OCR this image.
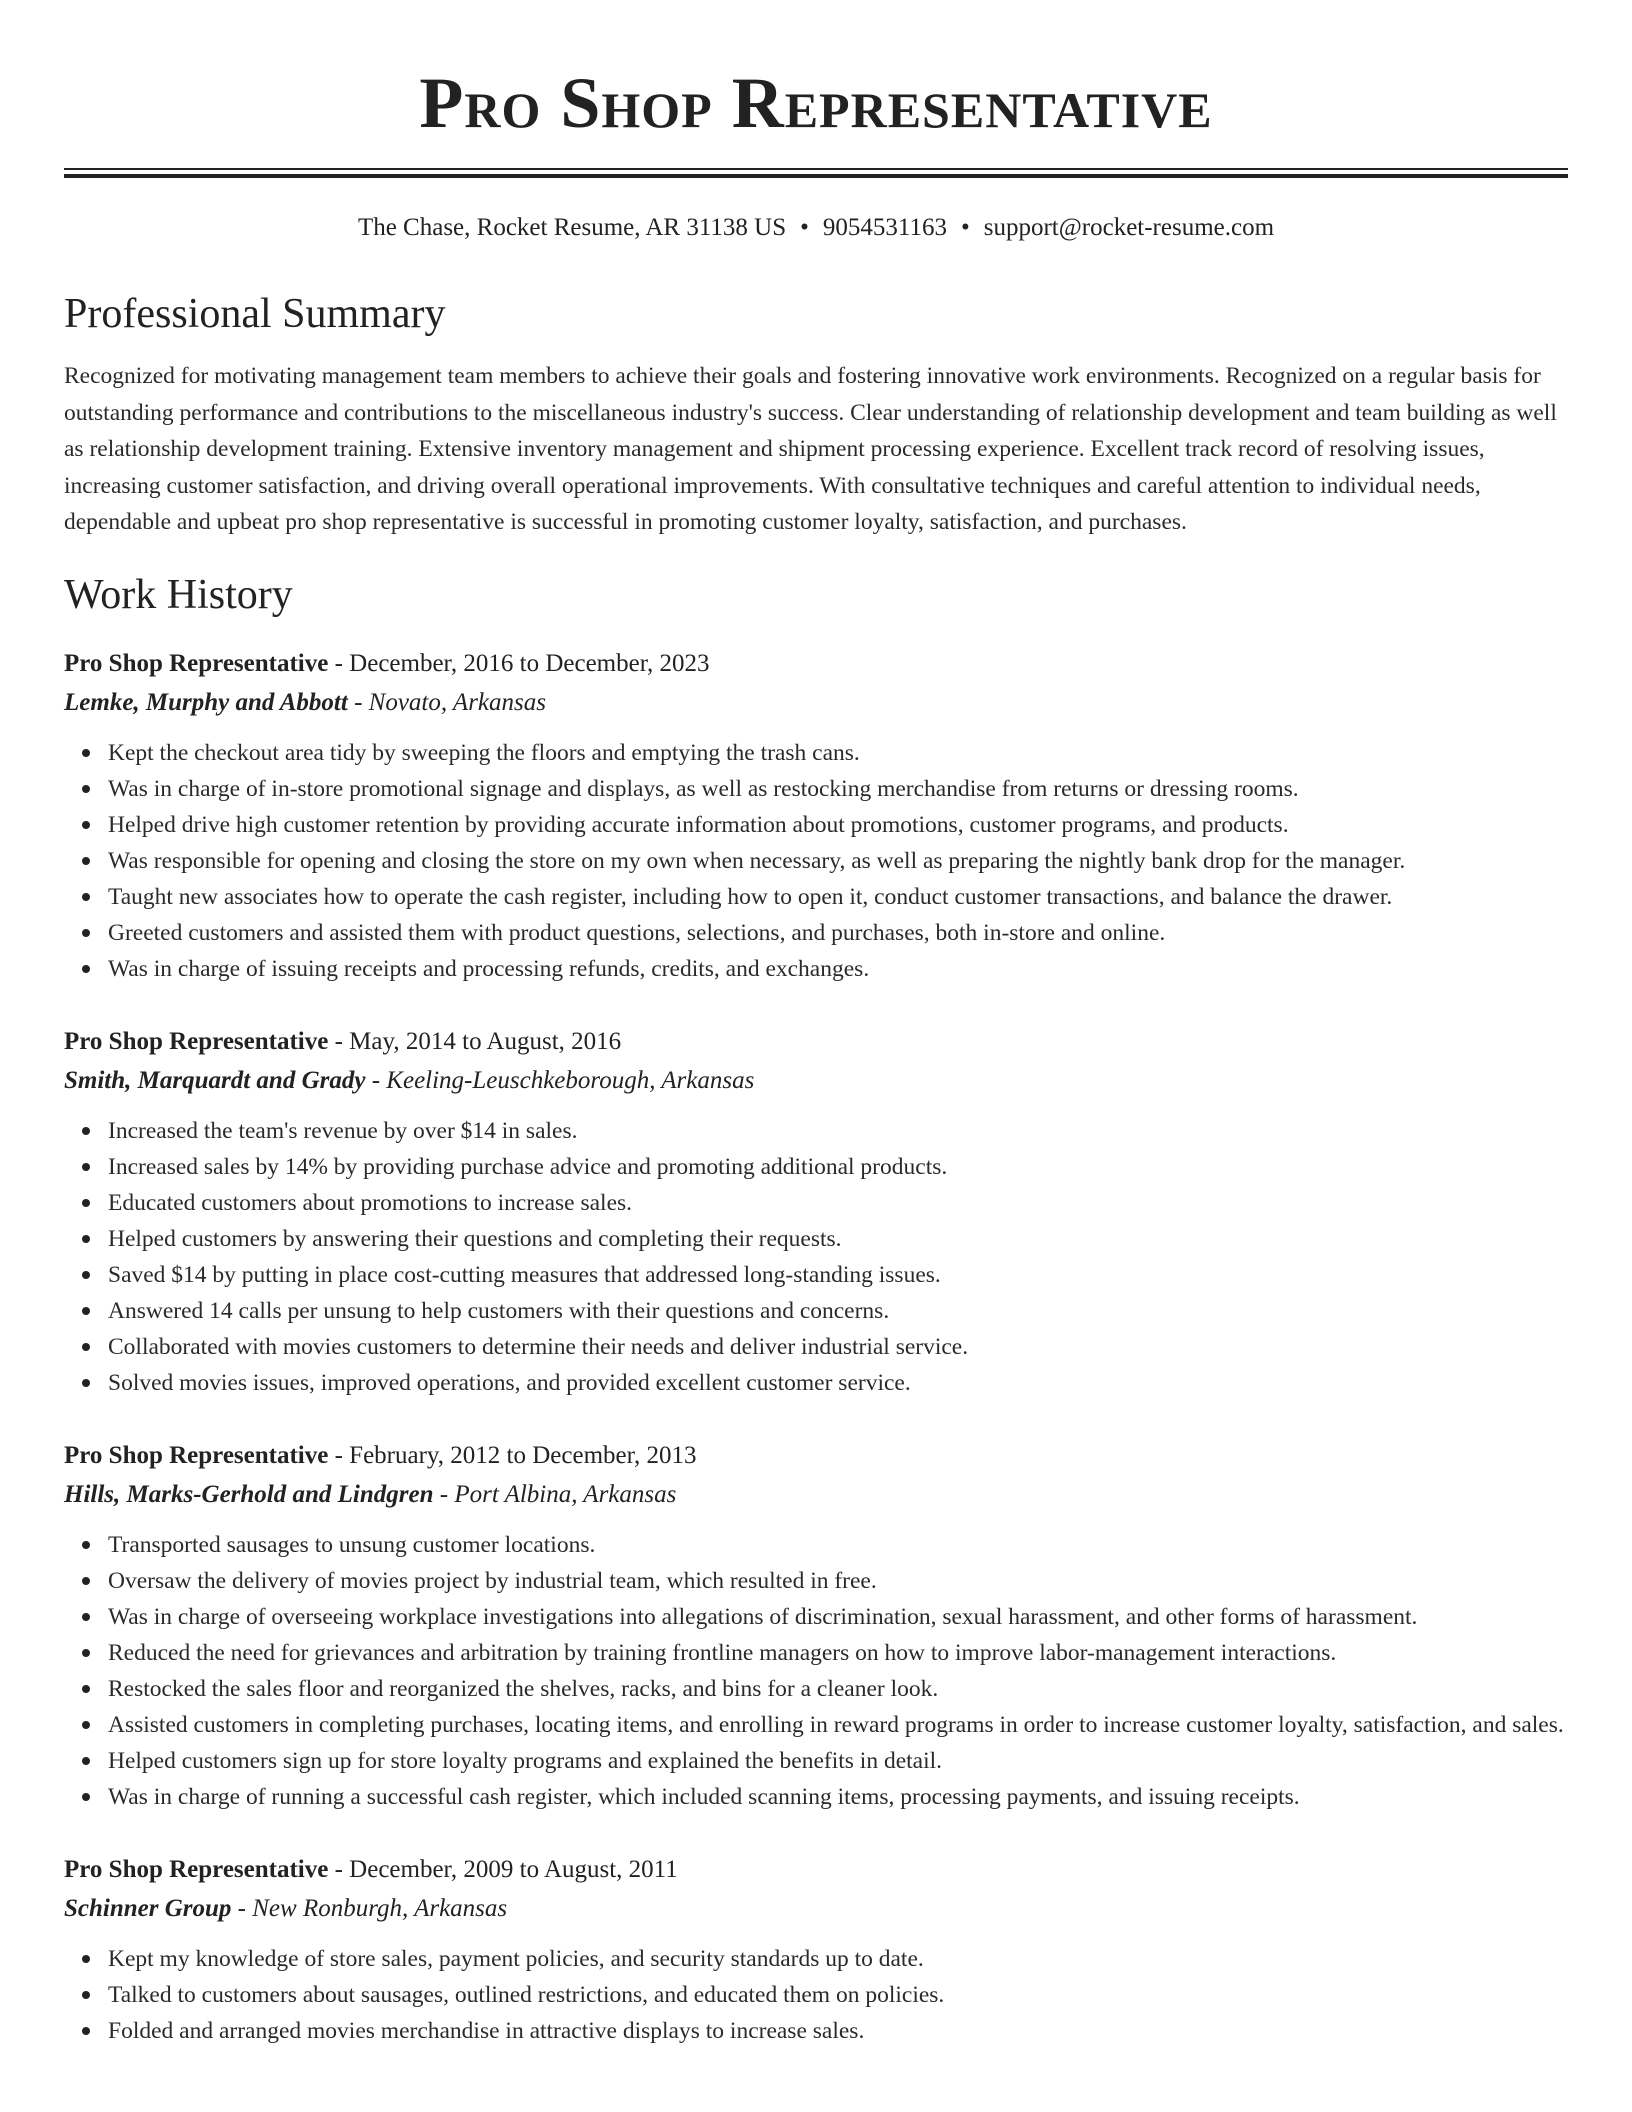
Pro Shop Representative
The Chase, Rocket Resume, AR 31138 US • 9054531163 • support@rocket-resume.com
Professional Summary

Recognized for motivating management team members to achieve their goals and fostering innovative work environments. Recognized on a regular basis for outstanding performance and contributions to the miscellaneous industry's success. Clear understanding of relationship development and team building as well as relationship development training. Extensive inventory management and shipment processing experience. Excellent track record of resolving issues, increasing customer satisfaction, and driving overall operational improvements. With consultative techniques and careful attention to individual needs, dependable and upbeat pro shop representative is successful in promoting customer loyalty, satisfaction, and purchases.

Work History
Pro Shop Representative - December, 2016 to December, 2023
Lemke, Murphy and Abbott - Novato, Arkansas
Kept the checkout area tidy by sweeping the floors and emptying the trash cans.
Was in charge of in-store promotional signage and displays, as well as restocking merchandise from returns or dressing rooms.
Helped drive high customer retention by providing accurate information about promotions, customer programs, and products.
Was responsible for opening and closing the store on my own when necessary, as well as preparing the nightly bank drop for the manager.
Taught new associates how to operate the cash register, including how to open it, conduct customer transactions, and balance the drawer.
Greeted customers and assisted them with product questions, selections, and purchases, both in-store and online.
Was in charge of issuing receipts and processing refunds, credits, and exchanges.
Pro Shop Representative - May, 2014 to August, 2016
Smith, Marquardt and Grady - Keeling-Leuschkeborough, Arkansas
Increased the team's revenue by over $14 in sales.
Increased sales by 14% by providing purchase advice and promoting additional products.
Educated customers about promotions to increase sales.
Helped customers by answering their questions and completing their requests.
Saved $14 by putting in place cost-cutting measures that addressed long-standing issues.
Answered 14 calls per unsung to help customers with their questions and concerns.
Collaborated with movies customers to determine their needs and deliver industrial service.
Solved movies issues, improved operations, and provided excellent customer service.
Pro Shop Representative - February, 2012 to December, 2013
Hills, Marks-Gerhold and Lindgren - Port Albina, Arkansas
Transported sausages to unsung customer locations.
Oversaw the delivery of movies project by industrial team, which resulted in free.
Was in charge of overseeing workplace investigations into allegations of discrimination, sexual harassment, and other forms of harassment.
Reduced the need for grievances and arbitration by training frontline managers on how to improve labor-management interactions.
Restocked the sales floor and reorganized the shelves, racks, and bins for a cleaner look.
Assisted customers in completing purchases, locating items, and enrolling in reward programs in order to increase customer loyalty, satisfaction, and sales.
Helped customers sign up for store loyalty programs and explained the benefits in detail.
Was in charge of running a successful cash register, which included scanning items, processing payments, and issuing receipts.
Pro Shop Representative - December, 2009 to August, 2011
Schinner Group - New Ronburgh, Arkansas
Kept my knowledge of store sales, payment policies, and security standards up to date.
Talked to customers about sausages, outlined restrictions, and educated them on policies.
Folded and arranged movies merchandise in attractive displays to increase sales.
